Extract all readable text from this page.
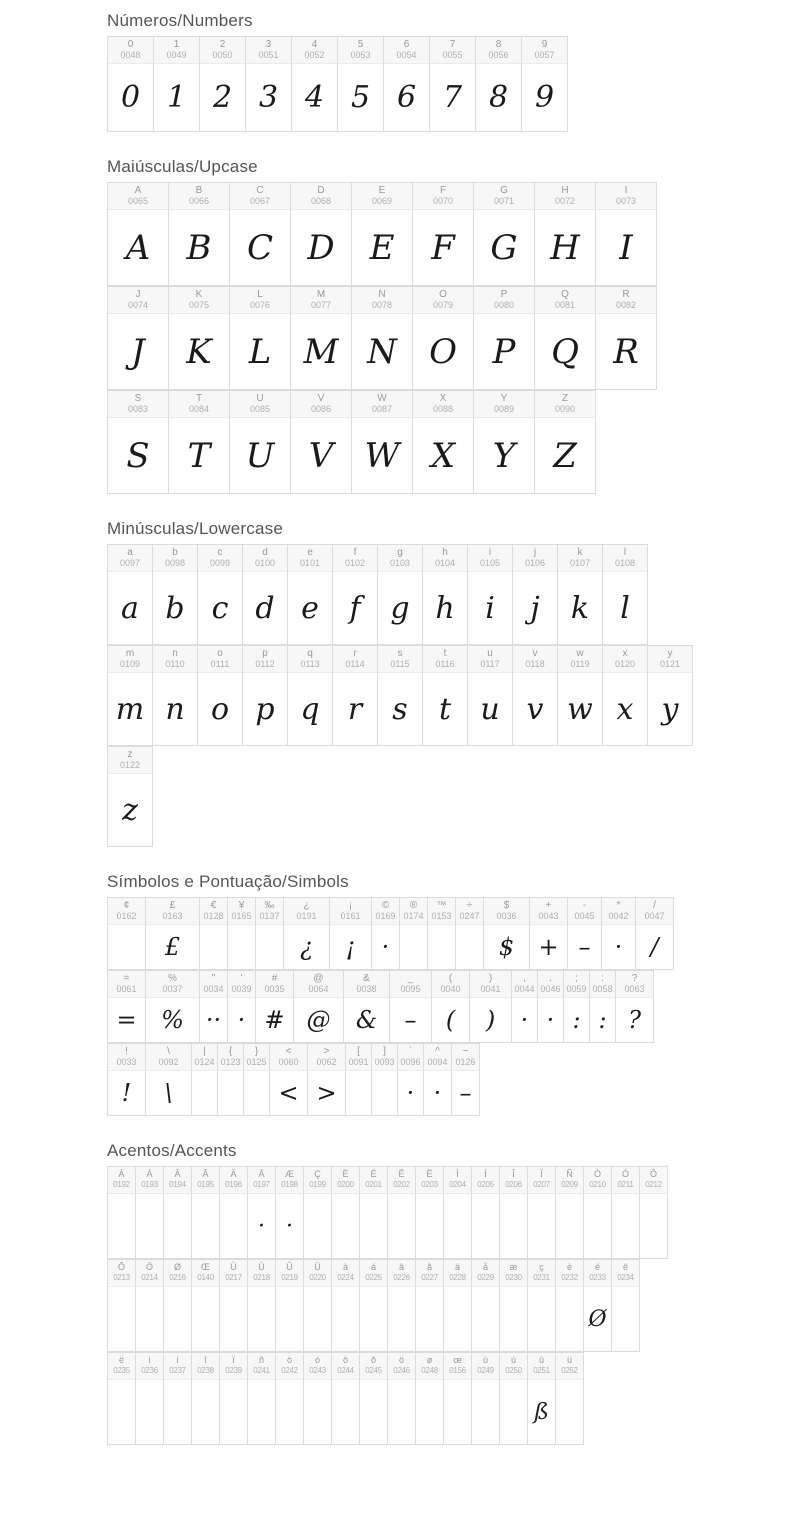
Números/Numbers
0
0048
0
1
0049
1
2
0050
2
3
0051
3
4
0052
4
5
0053
5
6
0054
6
7
0055
7
8
0056
8
9
0057
9
Maiúsculas/Upcase
A
0065
A
B
0066
B
C
0067
C
D
0068
D
E
0069
E
F
0070
F
G
0071
G
H
0072
H
I
0073
I
J
0074
J
K
0075
K
L
0076
L
M
0077
M
N
0078
N
O
0079
O
P
0080
P
Q
0081
Q
R
0082
R
S
0083
S
T
0084
T
U
0085
U
V
0086
V
W
0087
W
X
0088
X
Y
0089
Y
Z
0090
Z
Minúsculas/Lowercase
a
0097
a
b
0098
b
c
0099
c
d
0100
d
e
0101
e
f
0102
f
g
0103
g
h
0104
h
i
0105
i
j
0106
j
k
0107
k
l
0108
l
m
0109
m
n
0110
n
o
0111
o
p
0112
p
q
0113
q
r
0114
r
s
0115
s
t
0116
t
u
0117
u
v
0118
v
w
0119
w
x
0120
x
y
0121
y
z
0122
z
Símbolos e Pontuação/Simbols
¢
0162
£
0163
£
€
0128
¥
0165
‰
0137
¿
0191
¿
¡
0161
¡
©
0169
·
®
0174
™
0153
÷
0247
$
0036
$
+
0043
+
-
0045
–
*
0042
·
/
0047
/
=
0061
=
%
0037
%
"
0034
··
'
0039
·
#
0035
#
@
0064
@
&
0038
&
_
0095
–
(
0040
(
)
0041
)
,
0044
·
.
0046
·
;
0059
:
:
0058
:
?
0063
?
!
0033
!
\
0092
\
|
0124
{
0123
}
0125
<
0060
<
>
0062
>
[
0091
]
0093
`
0096
·
^
0094
·
~
0126
–
Acentos/Accents
À
0192
Á
0193
Â
0194
Ã
0195
Ä
0196
Å
0197
·
Æ
0198
·
Ç
0199
È
0200
É
0201
Ê
0202
Ë
0203
Ì
0204
Í
0205
Î
0206
Ï
0207
Ñ
0209
Ò
0210
Ó
0211
Ô
0212
Õ
0213
Ö
0214
Ø
0216
Œ
0140
Ù
0217
Ú
0218
Û
0219
Ü
0220
à
0224
á
0225
â
0226
ã
0227
ä
0228
å
0229
æ
0230
ç
0231
è
0232
é
0233
Ø
ê
0234
ë
0235
ì
0236
í
0237
î
0238
ï
0239
ñ
0241
ò
0242
ó
0243
ô
0244
õ
0245
ö
0246
ø
0248
œ
0156
ù
0249
ú
0250
û
0251
ß
ü
0252
